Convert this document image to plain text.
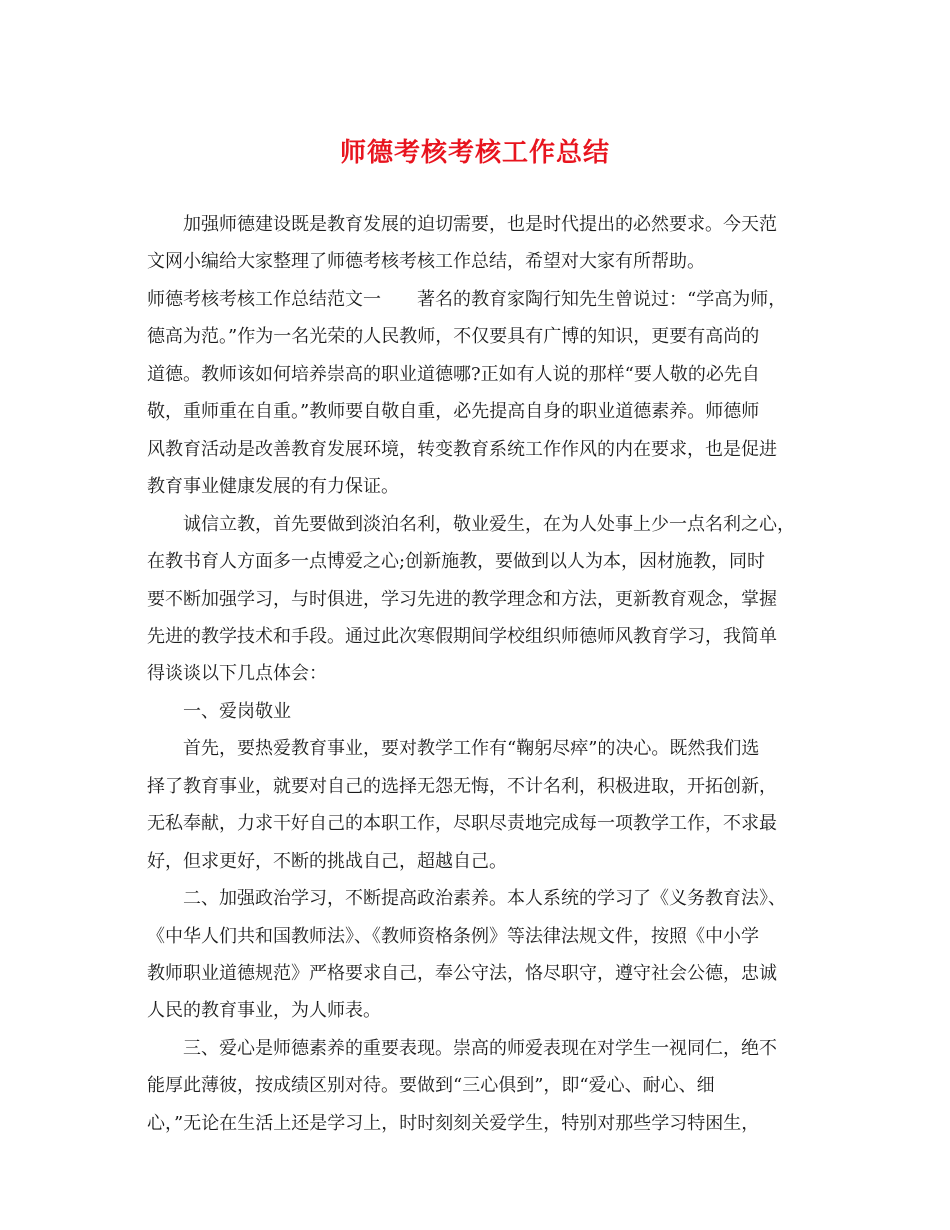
师德考核考核工作总结
加强师德建设既是教育发展的迫切需要，也是时代提出的必然要求。今天范
文网小编给大家整理了师德考核考核工作总结，希望对大家有所帮助。
师德考核考核工作总结范文一　　著名的教育家陶行知先生曾说过：“学高为师，
德高为范。”作为一名光荣的人民教师，不仅要具有广博的知识，更要有高尚的
道德。教师该如何培养崇高的职业道德哪?正如有人说的那样“要人敬的必先自
敬，重师重在自重。”教师要自敬自重，必先提高自身的职业道德素养。师德师
风教育活动是改善教育发展环境，转变教育系统工作作风的内在要求，也是促进
教育事业健康发展的有力保证。
诚信立教，首先要做到淡泊名利，敬业爱生，在为人处事上少一点名利之心，
在教书育人方面多一点博爱之心;创新施教，要做到以人为本，因材施教，同时
要不断加强学习，与时俱进，学习先进的教学理念和方法，更新教育观念，掌握
先进的教学技术和手段。通过此次寒假期间学校组织师德师风教育学习，我简单
得谈谈以下几点体会：
一、爱岗敬业
首先，要热爱教育事业，要对教学工作有“鞠躬尽瘁”的决心。既然我们选
择了教育事业，就要对自己的选择无怨无悔，不计名利，积极进取，开拓创新，
无私奉献，力求干好自己的本职工作，尽职尽责地完成每一项教学工作，不求最
好，但求更好，不断的挑战自己，超越自己。
二、加强政治学习，不断提高政治素养。本人系统的学习了《义务教育法》、
《中华人们共和国教师法》、《教师资格条例》等法律法规文件，按照《中小学
教师职业道德规范》严格要求自己，奉公守法，恪尽职守，遵守社会公德，忠诚
人民的教育事业，为人师表。
三、爱心是师德素养的重要表现。崇高的师爱表现在对学生一视同仁，绝不
能厚此薄彼，按成绩区别对待。要做到“三心俱到”，即“爱心、耐心、细
心，”无论在生活上还是学习上，时时刻刻关爱学生，特别对那些学习特困生，
